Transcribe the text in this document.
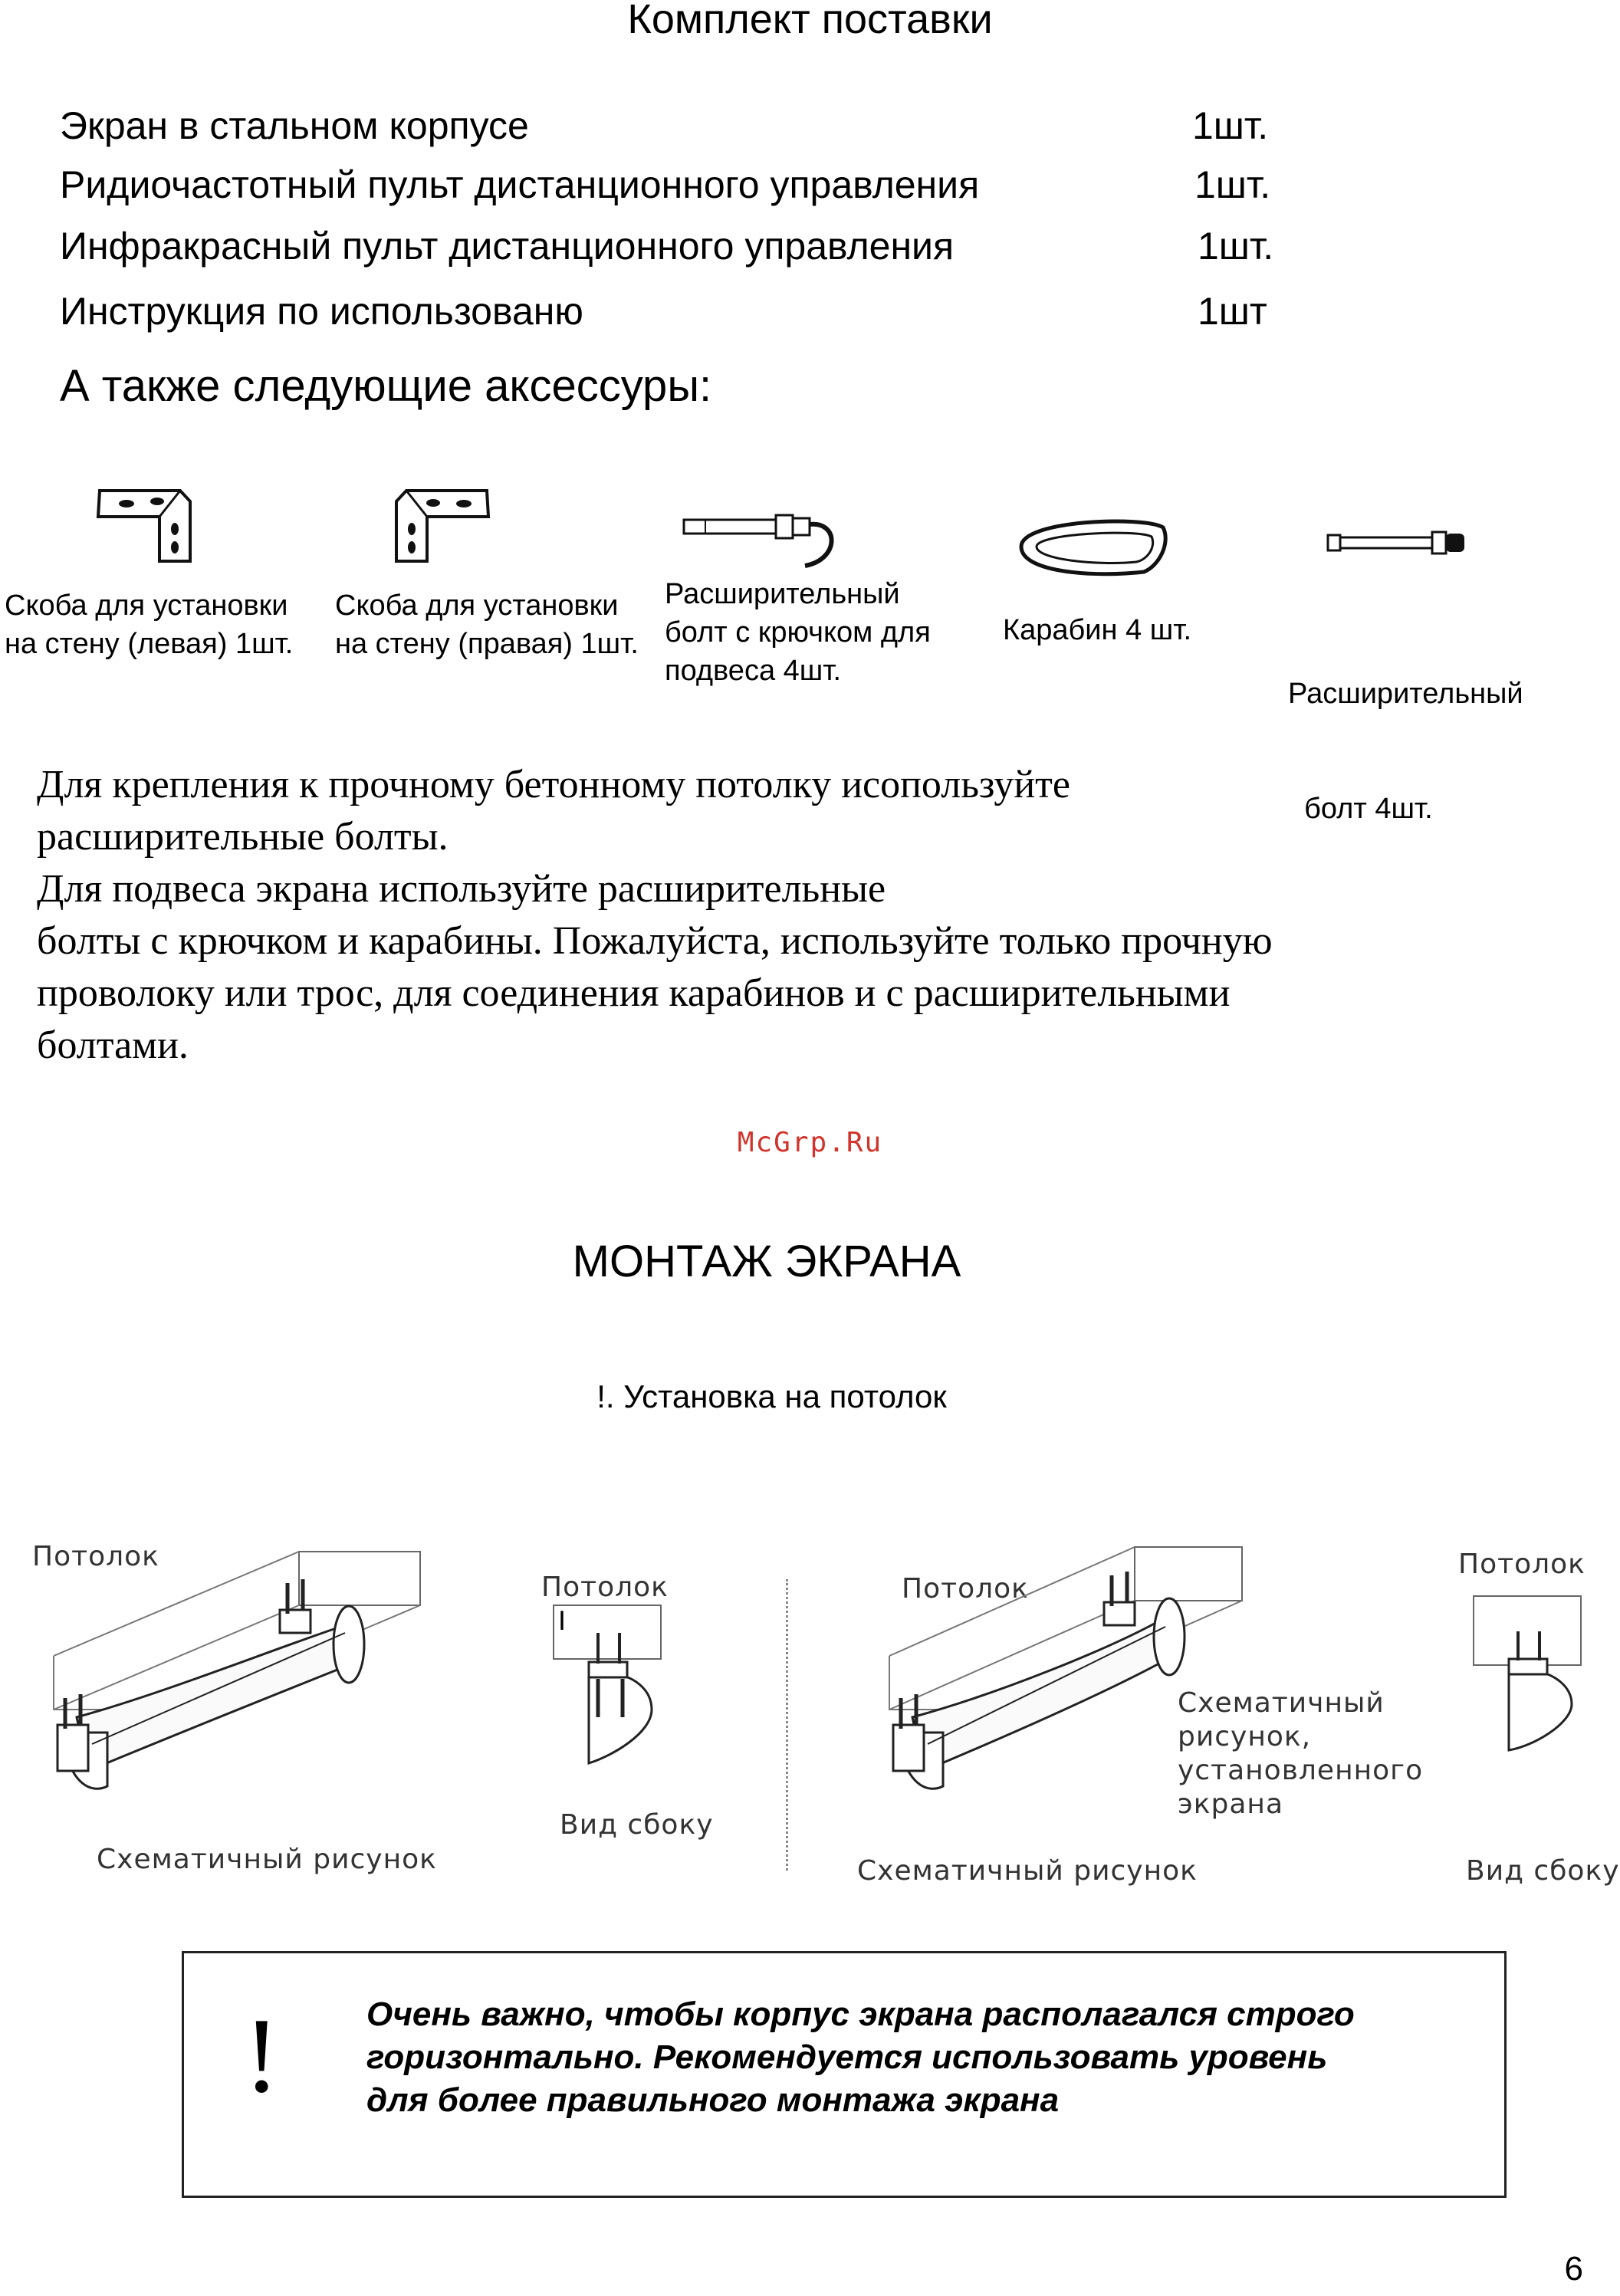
Комплект поставки
Экран в стальном корпусе	1шт.
Ридиочастотный пульт дистанционного управления	1шт.
Инфракрасный пульт дистанционного управления	1шт.
Инструкция по использованю	1шт
А также следующие аксессуры:
Скоба для установки
на стену (левая) 1шт.
Скоба для установки
на стену (правая) 1шт.
Расширительный
болт с крючком для
подвеса 4шт.
Карабин 4 шт.

Расширительный

болт 4шт.

Для крепления к прочному бетонному потолку исопользуйте
расширительные болты.
Для подвеса экрана используйте расширительные
болты с крючком и карабины. Пожалуйста, используйте только прочную
проволоку или трос, для соединения карабинов и с расширительными
болтами.
McGrp.Ru
МОНТАЖ ЭКРАНА
!. Установка на потолок
Потолок
Схематичный рисунок
Потолок
I
Вид сбоку
Потолок
Схематичный
рисунок,
установленного
экрана
Схематичный рисунок
Потолок
Вид сбоку
!	Очень важно, чтобы корпус экрана располагался строго
горизонтально. Рекомендуется использовать уровень
для более правильного монтажа экрана
6
